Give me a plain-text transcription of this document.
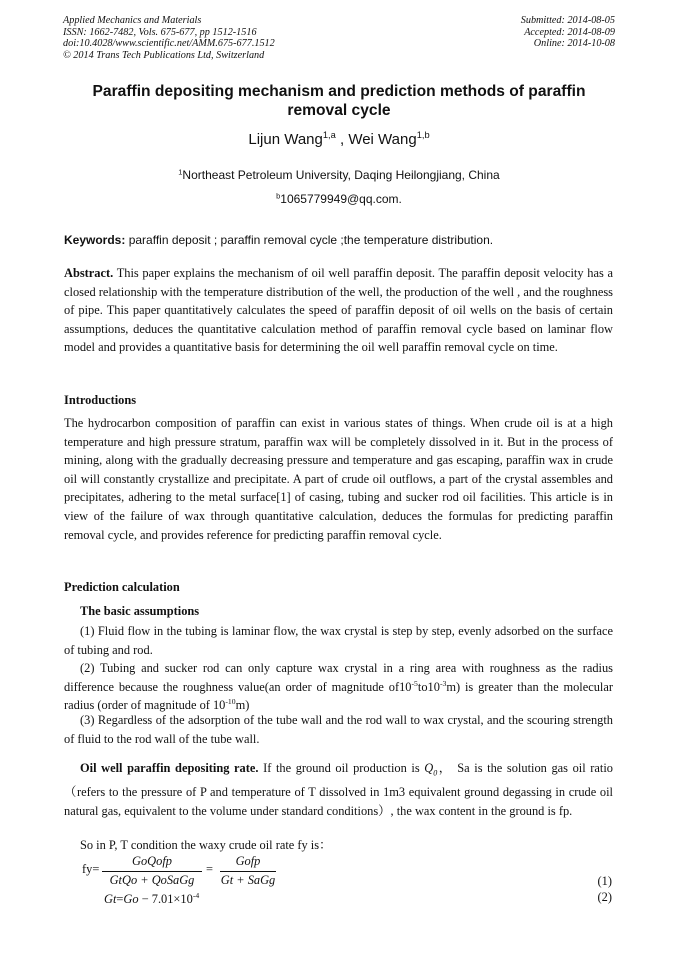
Applied Mechanics and Materials
ISSN: 1662-7482, Vols. 675-677, pp 1512-1516
doi:10.4028/www.scientific.net/AMM.675-677.1512
© 2014 Trans Tech Publications Ltd, Switzerland
Submitted: 2014-08-05
Accepted: 2014-08-09
Online: 2014-10-08
Paraffin depositing mechanism and prediction methods of paraffin
removal cycle
Lijun Wang$^{1,a}$ , Wei Wang$^{1,b}$
$^1$Northeast Petroleum University, Daqing Heilongjiang, China
$^b$1065779949@qq.com.
Keywords: paraffin deposit ; paraffin removal cycle ;the temperature distribution.

Abstract. This paper explains the mechanism of oil well paraffin deposit. The paraffin deposit velocity has a closed relationship with the temperature distribution of the well, the production of the well , and the roughness of pipe. This paper quantitatively calculates the speed of paraffin deposit of oil wells on the basis of certain assumptions, deduces the quantitative calculation method of paraffin removal cycle based on laminar flow model and provides a quantitative basis for determining the oil well paraffin removal cycle on time.

Introductions

The hydrocarbon composition of paraffin can exist in various states of things. When crude oil is at a high temperature and high pressure stratum, paraffin wax will be completely dissolved in it. But in the process of mining, along with the gradually decreasing pressure and temperature and gas escaping, paraffin wax in crude oil will constantly crystallize and precipitate. A part of crude oil outflows, a part of the crystal assembles and precipitates, adhering to the metal surface[1] of casing, tubing and sucker rod oil facilities. This article is in view of the failure of wax through quantitative calculation, deduces the formulas for predicting paraffin removal cycle, and provides reference for predicting paraffin removal cycle.

Prediction calculation
The basic assumptions

(1) Fluid flow in the tubing is laminar flow, the wax crystal is step by step, evenly adsorbed on the surface of tubing and rod.

(2) Tubing and sucker rod can only capture wax crystal in a ring area with roughness as the radius difference because the roughness value(an order of magnitude $of10^{-5}to10^{-3}m$) is greater than the molecular radius (order of magnitude of $10^{-10}m$)

(3) Regardless of the adsorption of the tube wall and the rod wall to wax crystal, and the scouring strength of fluid to the rod wall of the tube wall.

Oil well paraffin depositing rate. If the ground oil production is $Q_0$， Sa is the solution gas oil ratio（refers to the pressure of P and temperature of T dissolved in 1m3 equivalent ground degassing in crude oil natural gas, equivalent to the volume under standard conditions）, the wax content in the ground is fp.

So in P, T condition the waxy crude oil rate fy is：

fy=
GoQofp
GtQo + QoSaGg
=
Gofp
Gt + SaGg	(1)
$Gt=Go - 7.01\times 10^{-4}$	(2)
